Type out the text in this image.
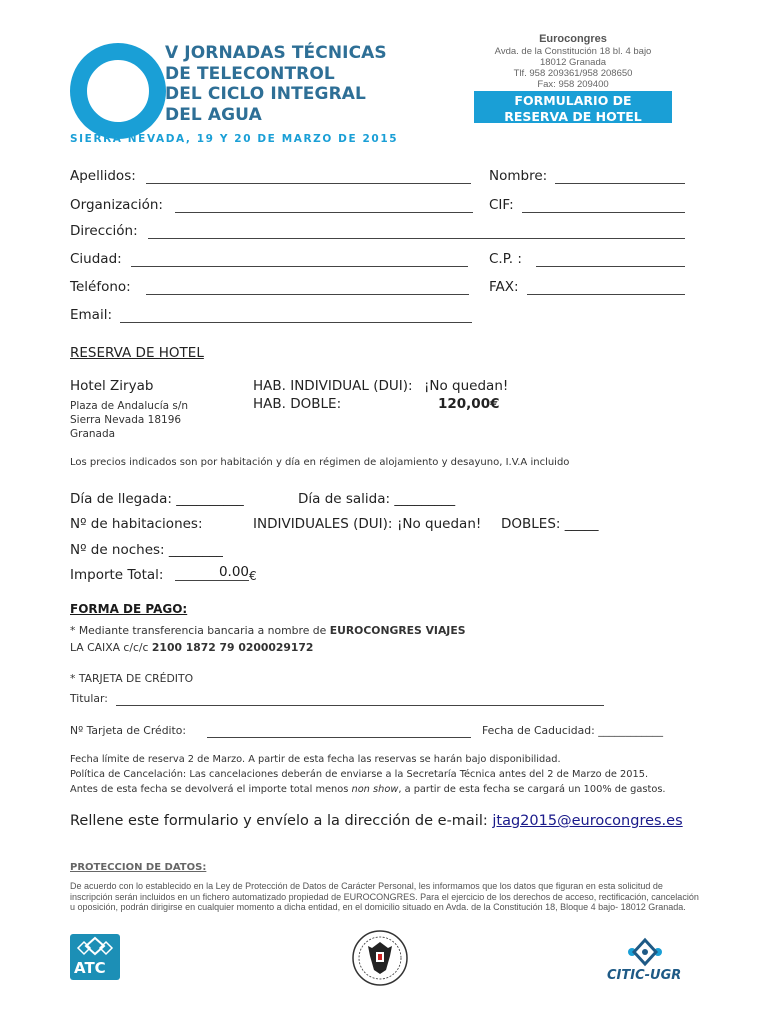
V JORNADAS TÉCNICAS
DE TELECONTROL
DEL CICLO INTEGRAL
DEL AGUA
SIERRA NEVADA, 19 Y 20 DE MARZO DE 2015
Eurocongres
Avda. de la Constitución 18 bl. 4 bajo
18012 Granada
Tlf. 958 209361/958 208650
Fax: 958 209400
FORMULARIO DE
RESERVA DE HOTEL
Apellidos:	Nombre:
Organización:	CIF:
Dirección:
Ciudad:	C.P. :
Teléfono:	FAX:
Email:
RESERVA DE HOTEL
Hotel Ziryab
Plaza de Andalucía s/n
Sierra Nevada 18196
Granada
HAB. INDIVIDUAL (DUI): ¡No quedan!
HAB. DOBLE:	120,00€
Los precios indicados son por habitación y día en régimen de alojamiento y desayuno, I.V.A incluido
Día de llegada: __________	Día de salida: _________
Nº de habitaciones:	INDIVIDUALES (DUI): ¡No quedan! DOBLES: _____
Nº de noches: ________
Importe Total:	0.00 €
FORMA DE PAGO:
* Mediante transferencia bancaria a nombre de EUROCONGRES VIAJES
LA CAIXA c/c/c 2100 1872 79 0200029172
* TARJETA DE CRÉDITO
Titular:
Nº Tarjeta de Crédito:	Fecha de Caducidad: ____________
Fecha límite de reserva 2 de Marzo. A partir de esta fecha las reservas se harán bajo disponibilidad.
Política de Cancelación: Las cancelaciones deberán de enviarse a la Secretaría Técnica antes del 2 de Marzo de 2015.
Antes de esta fecha se devolverá el importe total menos non show, a partir de esta fecha se cargará un 100% de gastos.
Rellene este formulario y envíelo a la dirección de e-mail: jtag2015@eurocongres.es
PROTECCION DE DATOS:
De acuerdo con lo establecido en la Ley de Protección de Datos de Carácter Personal, les informamos que los datos que figuran en esta solicitud de inscripción serán incluidos en un fichero automatizado propiedad de EUROCONGRES. Para el ejercicio de los derechos de acceso, rectificación, cancelación u oposición, podrán dirigirse en cualquier momento a dicha entidad, en el domicilio situado en Avda. de la Constitución 18, Bloque 4 bajo- 18012 Granada.
ATC	CITIC-UGR
